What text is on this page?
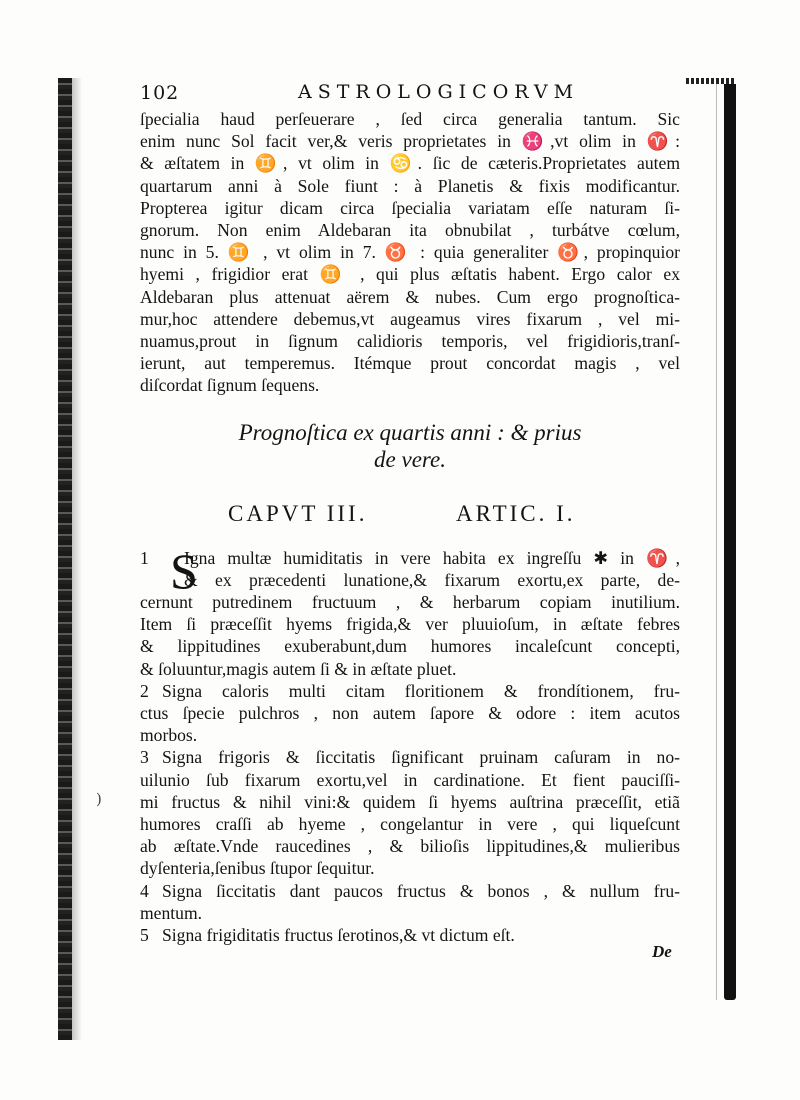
)
102	ASTROLOGICORVM
ſpecialia haud perſeuerare , ſed circa generalia tantum. Sic
enim nunc Sol facit ver,& veris proprietates in ♓,vt olim in ♈:
& æſtatem in ♊, vt olim in ♋. ſic de cæteris.Proprietates autem
quartarum anni à Sole fiunt : à Planetis & fixis modificantur.
Propterea igitur dicam circa ſpecialia variatam eſſe naturam ſi-
gnorum. Non enim Aldebaran ita obnubilat , turbátve cœlum,
nunc in 5. ♊ , vt olim in 7. ♉ : quia generaliter ♉, propinquior
hyemi , frigidior erat ♊ , qui plus æſtatis habent. Ergo calor ex
Aldebaran plus attenuat aërem & nubes. Cum ergo prognoſtica-
mur,hoc attendere debemus,vt augeamus vires fixarum , vel mi-
nuamus,prout in ſignum calidioris temporis, vel frigidioris,tranſ-
ierunt, aut temperemus. Itémque prout concordat magis , vel
diſcordat ſignum ſequens.
Prognoſtica ex quartis anni : & prius
de vere.
CAPVT III.	ARTIC. I.
S
1 Igna multæ humiditatis in vere habita ex ingreſſu ✱ in ♈,
& ex præcedenti lunatione,& fixarum exortu,ex parte, de-
cernunt putredinem fructuum , & herbarum copiam inutilium.
Item ſi præceſſit hyems frigida,& ver pluuioſum, in æſtate febres
& lippitudines exuberabunt,dum humores incaleſcunt concepti,
& ſoluuntur,magis autem ſi & in æſtate pluet.
2 Signa caloris multi citam floritionem & frondítionem, fru-
ctus ſpecie pulchros , non autem ſapore & odore : item acutos
morbos.
3 Signa frigoris & ſiccitatis ſignificant pruinam caſuram in no-
uilunio ſub fixarum exortu,vel in cardinatione. Et fient pauciſſi-
mi fructus & nihil vini:& quidem ſi hyems auſtrina præceſſit, etiã
humores craſſi ab hyeme , congelantur in vere , qui liqueſcunt
ab æſtate.Vnde raucedines , & bilioſis lippitudines,& mulieribus
dyſenteria,ſenibus ſtupor ſequitur.
4 Signa ſiccitatis dant paucos fructus & bonos , & nullum fru-
mentum.
5 Signa frigiditatis fructus ſerotinos,& vt dictum eſt.
De
